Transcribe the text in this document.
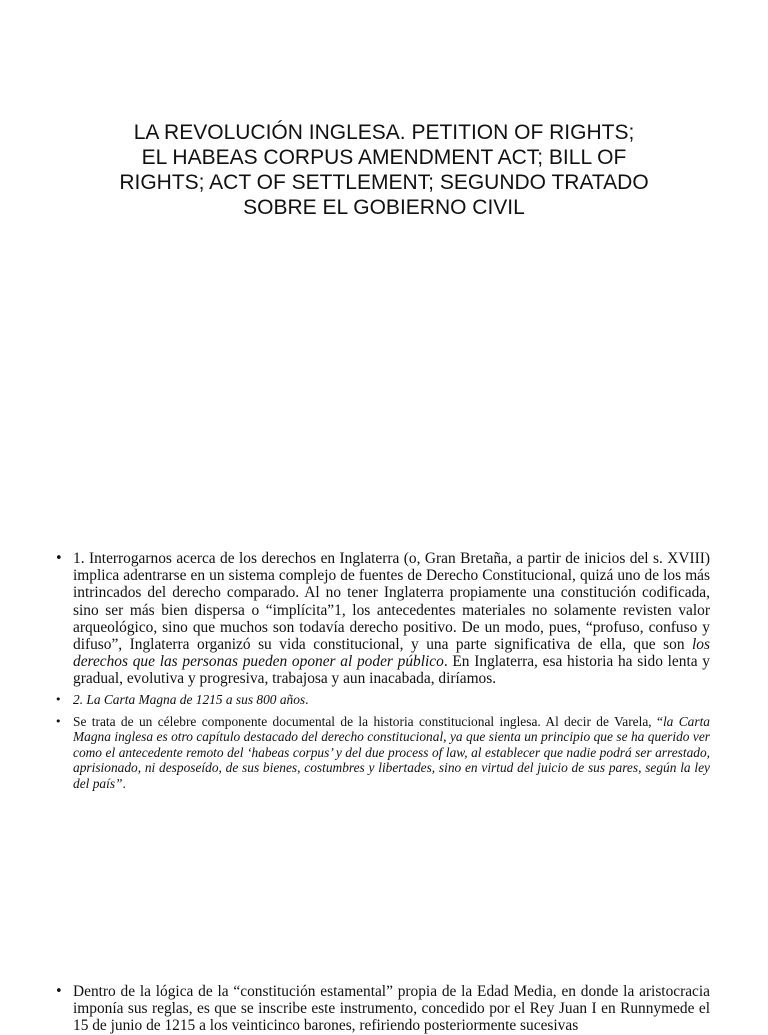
LA REVOLUCIÓN INGLESA. PETITION OF RIGHTS;
EL HABEAS CORPUS AMENDMENT ACT; BILL OF
RIGHTS; ACT OF SETTLEMENT; SEGUNDO TRATADO
SOBRE EL GOBIERNO CIVIL
• 1. Interrogarnos acerca de los derechos en Inglaterra (o, Gran Bretaña, a partir de inicios del s. XVIII) implica adentrarse en un sistema complejo de fuentes de Derecho Constitucional, quizá uno de los más intrincados del derecho comparado. Al no tener Inglaterra propiamente una constitución codificada, sino ser más bien dispersa o “implícita”1, los antecedentes materiales no solamente revisten valor arqueológico, sino que muchos son todavía derecho positivo. De un modo, pues, “profuso, confuso y difuso”, Inglaterra organizó su vida constitucional, y una parte significativa de ella, que son los derechos que las personas pueden oponer al poder público. En Inglaterra, esa historia ha sido lenta y gradual, evolutiva y progresiva, trabajosa y aun inacabada, diríamos.
• 2. La Carta Magna de 1215 a sus 800 años.
• Se trata de un célebre componente documental de la historia constitucional inglesa. Al decir de Varela, “la Carta Magna inglesa es otro capítulo destacado del derecho constitucional, ya que sienta un principio que se ha querido ver como el antecedente remoto del ‘habeas corpus’ y del due process of law, al establecer que nadie podrá ser arrestado, aprisionado, ni desposeído, de sus bienes, costumbres y libertades, sino en virtud del juicio de sus pares, según la ley del país”.
• Dentro de la lógica de la “constitución estamental” propia de la Edad Media, en donde la aristocracia imponía sus reglas, es que se inscribe este instrumento, concedido por el Rey Juan I en Runnymede el 15 de junio de 1215 a los veinticinco barones, refiriendo posteriormente sucesivas
